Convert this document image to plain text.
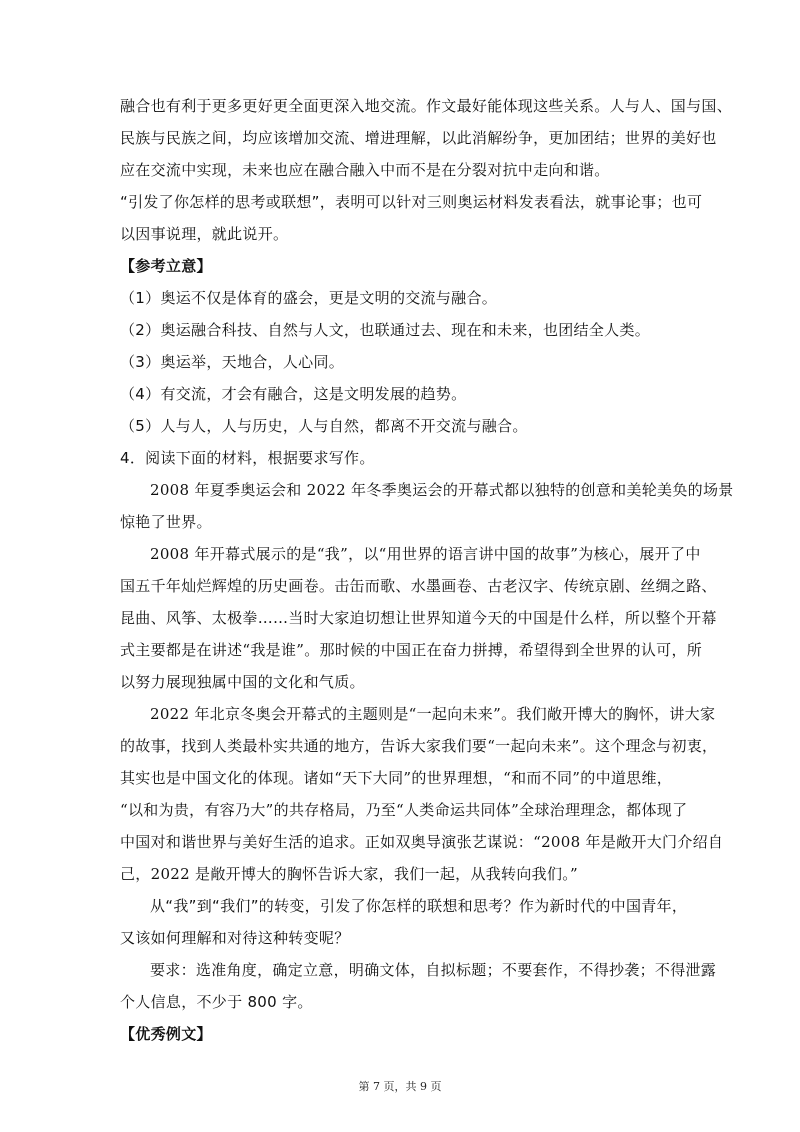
融合也有利于更多更好更全面更深入地交流。作文最好能体现这些关系。人与人、国与国、
民族与民族之间，均应该增加交流、增进理解，以此消解纷争，更加团结；世界的美好也
应在交流中实现，未来也应在融合融入中而不是在分裂对抗中走向和谐。
“引发了你怎样的思考或联想”，表明可以针对三则奥运材料发表看法，就事论事；也可
以因事说理，就此说开。
【参考立意】
（1）奥运不仅是体育的盛会，更是文明的交流与融合。
（2）奥运融合科技、自然与人文，也联通过去、现在和未来，也团结全人类。
（3）奥运举，天地合，人心同。
（4）有交流，才会有融合，这是文明发展的趋势。
（5）人与人，人与历史，人与自然，都离不开交流与融合。
4．阅读下面的材料，根据要求写作。
2008 年夏季奥运会和 2022 年冬季奥运会的开幕式都以独特的创意和美轮美奂的场景
惊艳了世界。
2008 年开幕式展示的是“我”，以“用世界的语言讲中国的故事”为核心，展开了中
国五千年灿烂辉煌的历史画卷。击缶而歌、水墨画卷、古老汉字、传统京剧、丝绸之路、
昆曲、风筝、太极拳……当时大家迫切想让世界知道今天的中国是什么样，所以整个开幕
式主要都是在讲述“我是谁”。那时候的中国正在奋力拼搏，希望得到全世界的认可，所
以努力展现独属中国的文化和气质。
2022 年北京冬奥会开幕式的主题则是“一起向未来”。我们敞开博大的胸怀，讲大家
的故事，找到人类最朴实共通的地方，告诉大家我们要“一起向未来”。这个理念与初衷，
其实也是中国文化的体现。诸如“天下大同”的世界理想，“和而不同”的中道思维，
“以和为贵，有容乃大”的共存格局，乃至“人类命运共同体”全球治理理念，都体现了
中国对和谐世界与美好生活的追求。正如双奥导演张艺谋说：“2008 年是敞开大门介绍自
己，2022 是敞开博大的胸怀告诉大家，我们一起，从我转向我们。”
从“我”到“我们”的转变，引发了你怎样的联想和思考？作为新时代的中国青年，
又该如何理解和对待这种转变呢？
要求：选准角度，确定立意，明确文体，自拟标题；不要套作，不得抄袭；不得泄露
个人信息，不少于 800 字。
【优秀例文】
第 7 页，共 9 页
